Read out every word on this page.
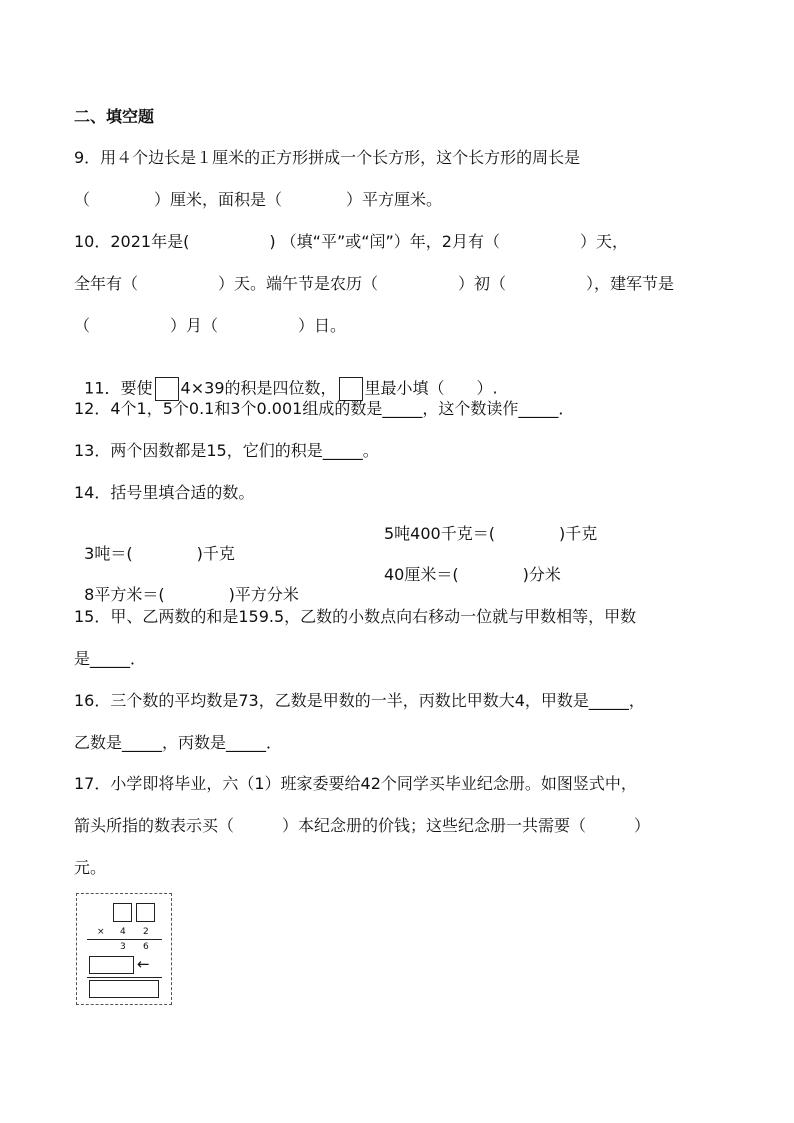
二、填空题
9．用４个边长是１厘米的正方形拼成一个长方形，这个长方形的周长是
（　　　　）厘米，面积是（　　　　）平方厘米。
10．2021年是(　　　　　) （填“平”或“闰”）年，2月有（　　　　　）天，
全年有（　　　　　）天。端午节是农历（　　　　　）初（　　　　　），建军节是
（　　　　　）月（　　　　　）日。

11．要使 4×39的积是四位数， 里最小填（　　）.

12．4个1，5个0.1和3个0.001组成的数是_____，这个数读作_____．
13．两个因数都是15，它们的积是_____。
14．括号里填合适的数。

3吨＝(　　　　)千克

5吨400千克＝(　　　　)千克

8平方米＝(　　　　)平方分米

40厘米＝(　　　　)分米

15．甲、乙两数的和是159.5，乙数的小数点向右移动一位就与甲数相等，甲数
是_____．
16．三个数的平均数是73，乙数是甲数的一半，丙数比甲数大4，甲数是_____，
乙数是_____，丙数是_____．
17．小学即将毕业，六（1）班家委要给42个同学买毕业纪念册。如图竖式中，
箭头所指的数表示买（　　　）本纪念册的价钱；这些纪念册一共需要（　　　）
元。
× 4 2
3 6
←
